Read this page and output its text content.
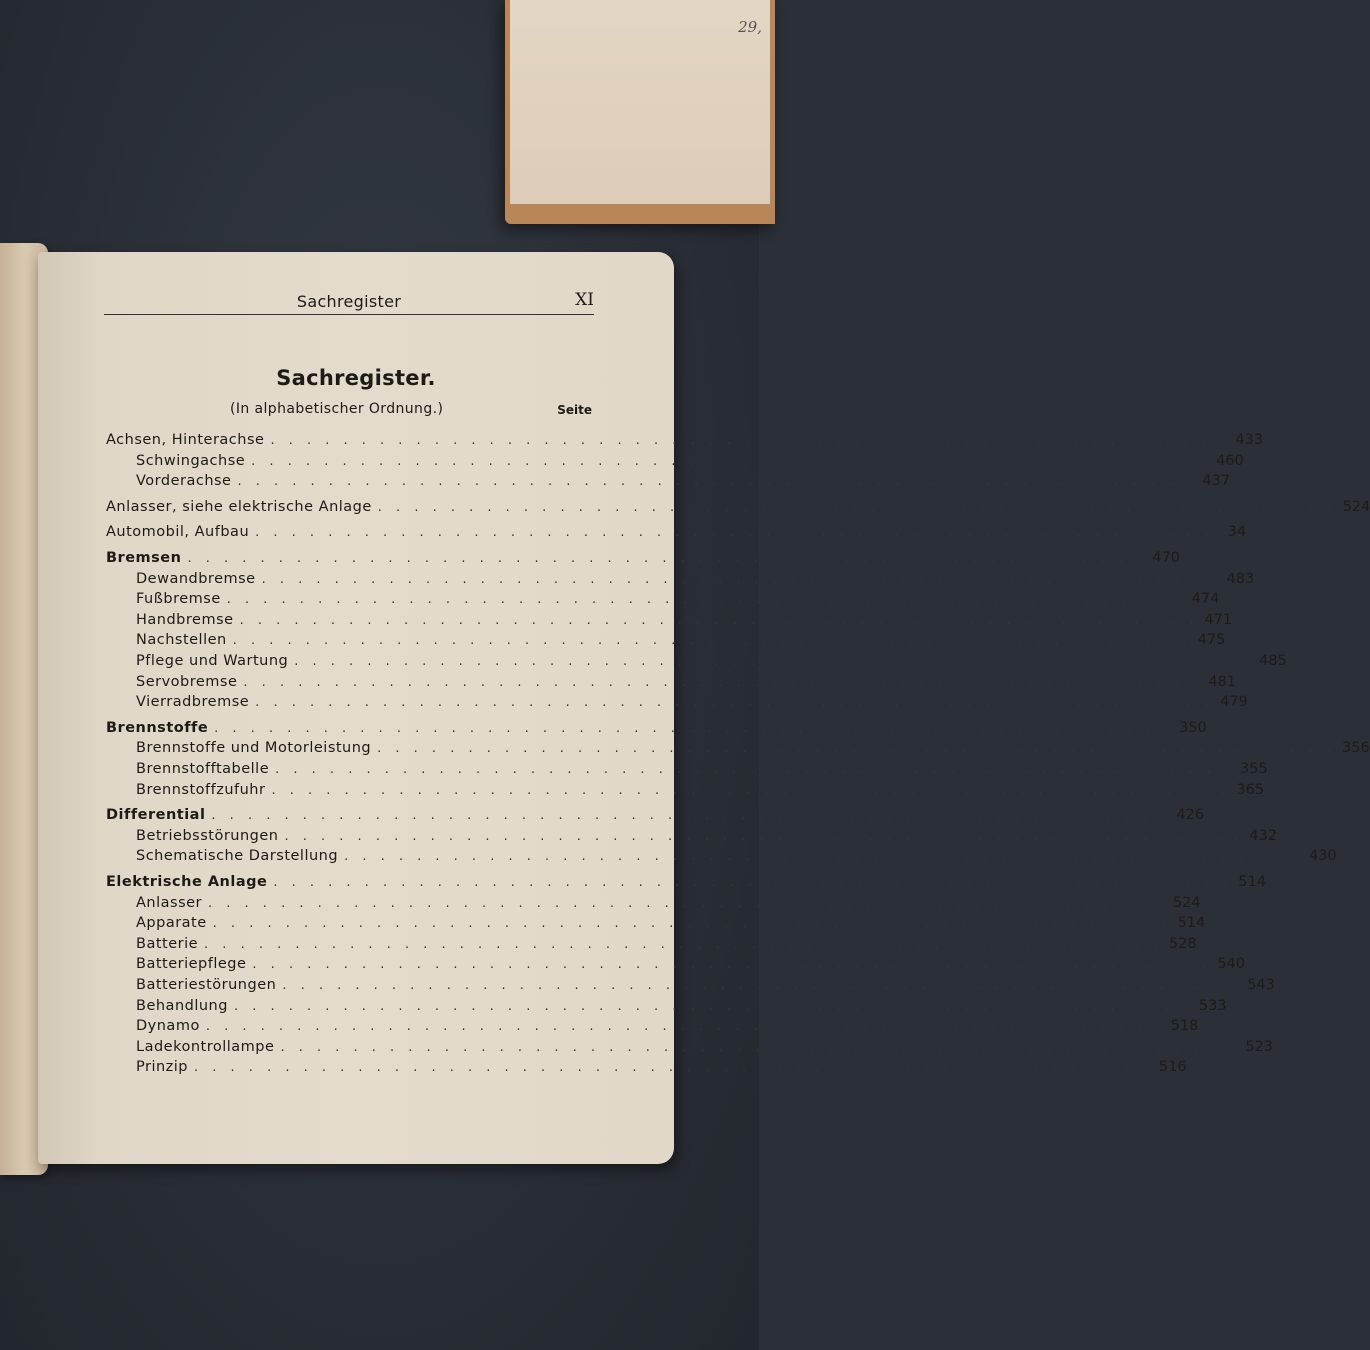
29,
Sachregister	XI
Sachregister.
(In alphabetischer Ordnung.)	Seite
Achsen, Hinterachse . . .	433
Schwingachse . . .	460
Vorderachse . . .	437
Anlasser, siehe elektrische Anlage . . .	524
Automobil, Aufbau . . .	34
Bremsen . . .	470
Dewandbremse . . .	483
Fußbremse . . .	474
Handbremse . . .	471
Nachstellen . . .	475
Pflege und Wartung . . .	485
Servobremse . . .	481
Vierradbremse . . .	479
Brennstoffe . . .	350
Brennstoffe und Motorleistung . . .	356
Brennstofftabelle . . .	355
Brennstoffzufuhr . . .	365
Differential . . .	426
Betriebsstörungen . . .	432
Schematische Darstellung . . .	430
Elektrische Anlage . . .	514
Anlasser . . .	524
Apparate . . .	514
Batterie . . .	528
Batteriepflege . . .	540
Batteriestörungen . . .	543
Behandlung . . .	533
Dynamo . . .	518
Ladekontrollampe . . .	523
Prinzip . . .	516
